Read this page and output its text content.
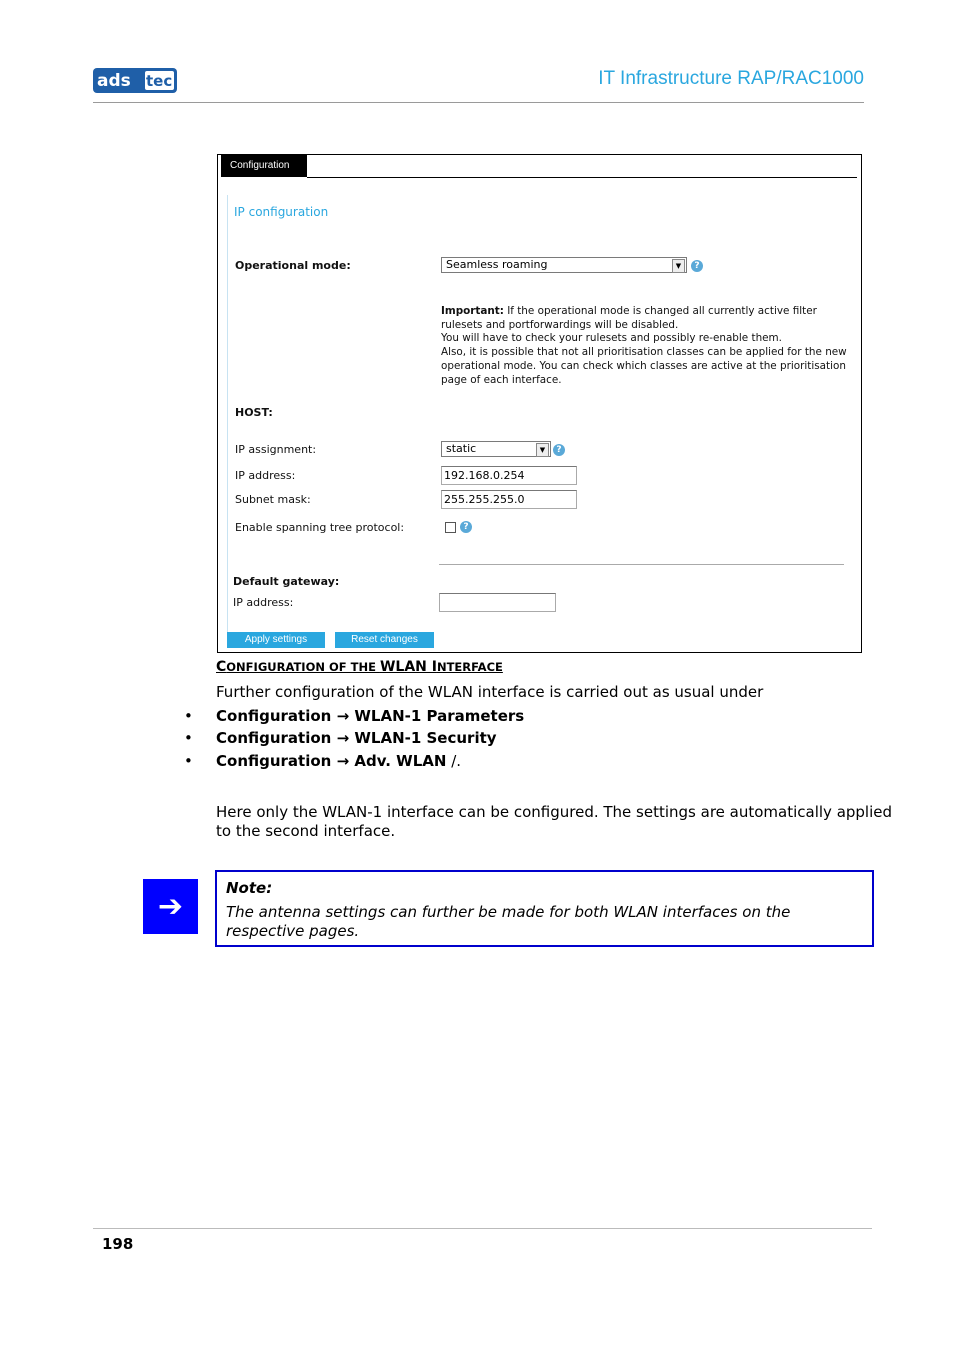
ads tec	IT Infrastructure RAP/RAC1000
Configuration
IP configuration
Operational mode:	Seamless roaming	▼	?
Important: If the operational mode is changed all currently active filter rulesets and portforwardings will be disabled.
You will have to check your rulesets and possibly re-enable them.
Also, it is possible that not all prioritisation classes can be applied for the new operational mode. You can check which classes are active at the prioritisation page of each interface.
HOST:
IP assignment:	static	▼	?
IP address:	192.168.0.254
Subnet mask:	255.255.255.0
Enable spanning tree protocol:	?
Default gateway:
IP address:
Apply settings	Reset changes
CONFIGURATION OF THE WLAN INTERFACE
Further configuration of the WLAN interface is carried out as usual under
• Configuration → WLAN-1 Parameters
• Configuration → WLAN-1 Security
• Configuration → Adv. WLAN /.
Here only the WLAN-1 interface can be configured. The settings are automatically applied
to the second interface.
➔
Note:
The antenna settings can further be made for both WLAN interfaces on the respective pages.
198
